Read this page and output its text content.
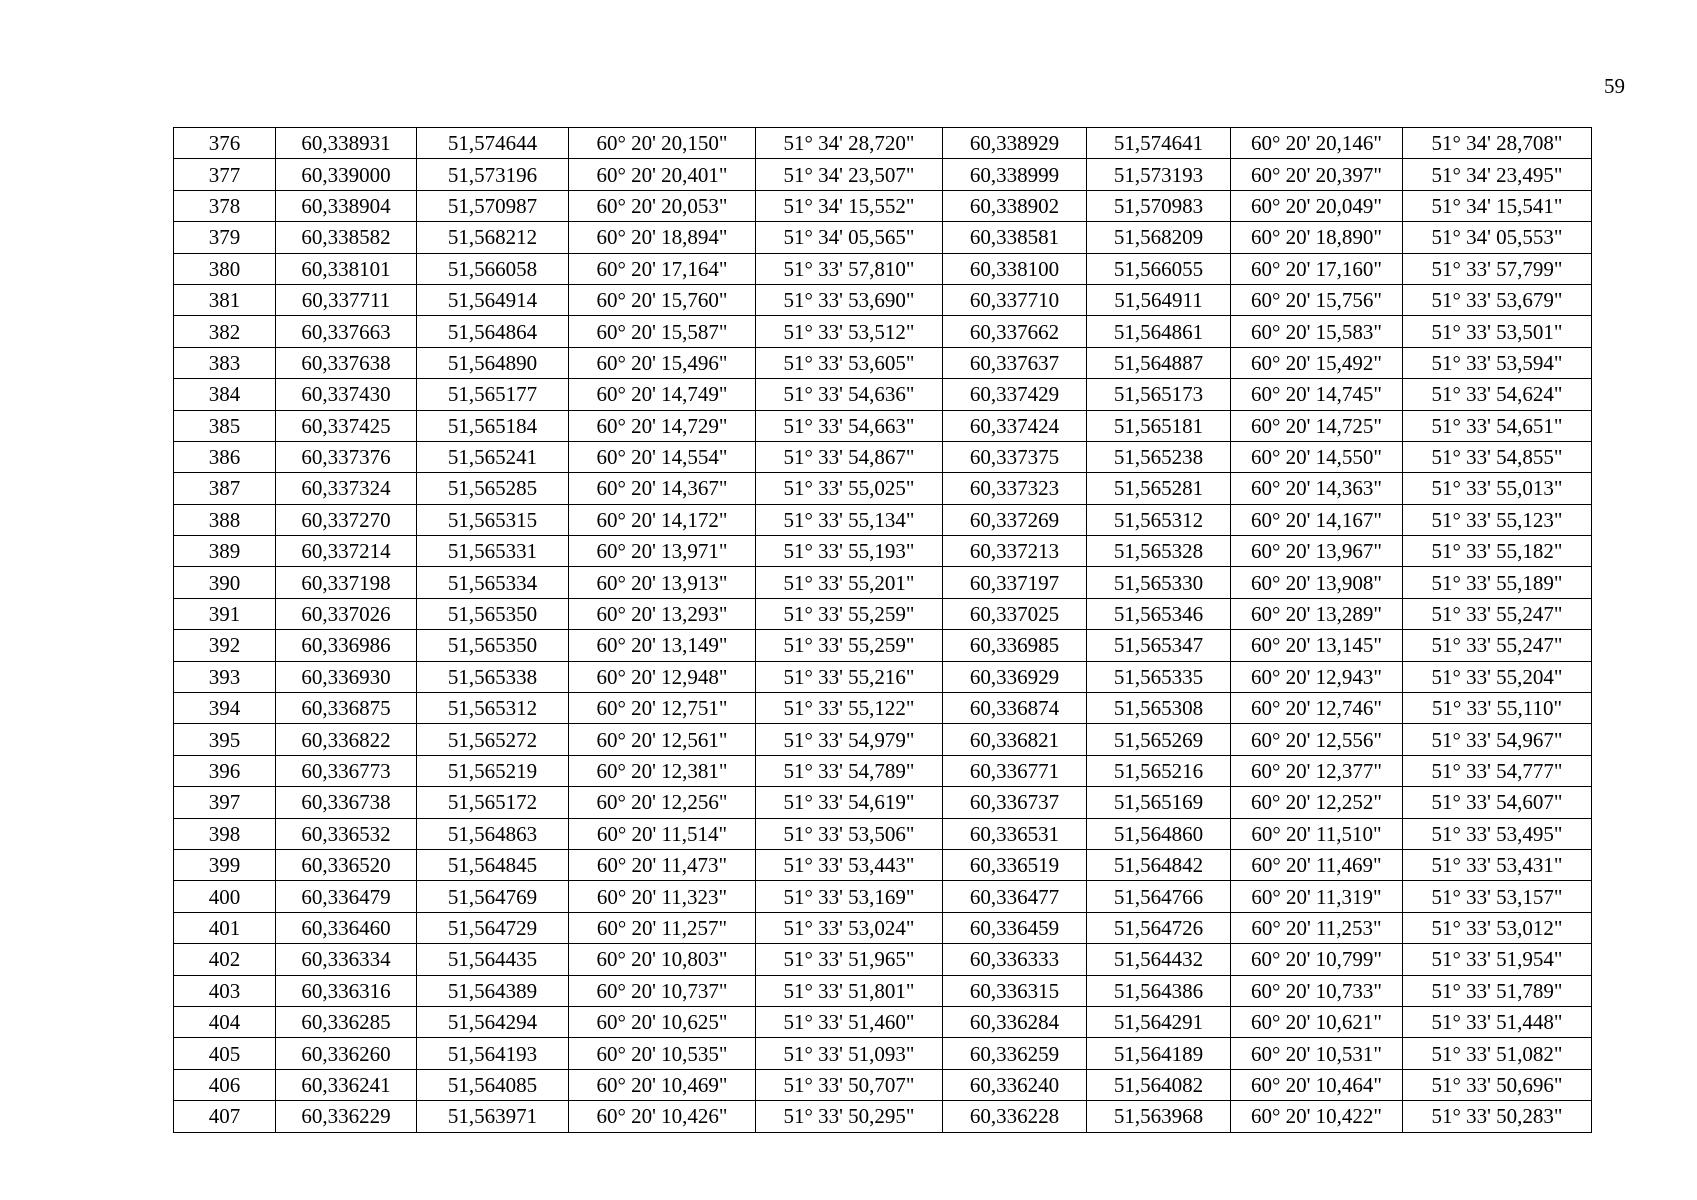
59
376	60,338931	51,574644	60° 20' 20,150"	51° 34' 28,720"	60,338929	51,574641	60° 20' 20,146"	51° 34' 28,708"
377	60,339000	51,573196	60° 20' 20,401"	51° 34' 23,507"	60,338999	51,573193	60° 20' 20,397"	51° 34' 23,495"
378	60,338904	51,570987	60° 20' 20,053"	51° 34' 15,552"	60,338902	51,570983	60° 20' 20,049"	51° 34' 15,541"
379	60,338582	51,568212	60° 20' 18,894"	51° 34' 05,565"	60,338581	51,568209	60° 20' 18,890"	51° 34' 05,553"
380	60,338101	51,566058	60° 20' 17,164"	51° 33' 57,810"	60,338100	51,566055	60° 20' 17,160"	51° 33' 57,799"
381	60,337711	51,564914	60° 20' 15,760"	51° 33' 53,690"	60,337710	51,564911	60° 20' 15,756"	51° 33' 53,679"
382	60,337663	51,564864	60° 20' 15,587"	51° 33' 53,512"	60,337662	51,564861	60° 20' 15,583"	51° 33' 53,501"
383	60,337638	51,564890	60° 20' 15,496"	51° 33' 53,605"	60,337637	51,564887	60° 20' 15,492"	51° 33' 53,594"
384	60,337430	51,565177	60° 20' 14,749"	51° 33' 54,636"	60,337429	51,565173	60° 20' 14,745"	51° 33' 54,624"
385	60,337425	51,565184	60° 20' 14,729"	51° 33' 54,663"	60,337424	51,565181	60° 20' 14,725"	51° 33' 54,651"
386	60,337376	51,565241	60° 20' 14,554"	51° 33' 54,867"	60,337375	51,565238	60° 20' 14,550"	51° 33' 54,855"
387	60,337324	51,565285	60° 20' 14,367"	51° 33' 55,025"	60,337323	51,565281	60° 20' 14,363"	51° 33' 55,013"
388	60,337270	51,565315	60° 20' 14,172"	51° 33' 55,134"	60,337269	51,565312	60° 20' 14,167"	51° 33' 55,123"
389	60,337214	51,565331	60° 20' 13,971"	51° 33' 55,193"	60,337213	51,565328	60° 20' 13,967"	51° 33' 55,182"
390	60,337198	51,565334	60° 20' 13,913"	51° 33' 55,201"	60,337197	51,565330	60° 20' 13,908"	51° 33' 55,189"
391	60,337026	51,565350	60° 20' 13,293"	51° 33' 55,259"	60,337025	51,565346	60° 20' 13,289"	51° 33' 55,247"
392	60,336986	51,565350	60° 20' 13,149"	51° 33' 55,259"	60,336985	51,565347	60° 20' 13,145"	51° 33' 55,247"
393	60,336930	51,565338	60° 20' 12,948"	51° 33' 55,216"	60,336929	51,565335	60° 20' 12,943"	51° 33' 55,204"
394	60,336875	51,565312	60° 20' 12,751"	51° 33' 55,122"	60,336874	51,565308	60° 20' 12,746"	51° 33' 55,110"
395	60,336822	51,565272	60° 20' 12,561"	51° 33' 54,979"	60,336821	51,565269	60° 20' 12,556"	51° 33' 54,967"
396	60,336773	51,565219	60° 20' 12,381"	51° 33' 54,789"	60,336771	51,565216	60° 20' 12,377"	51° 33' 54,777"
397	60,336738	51,565172	60° 20' 12,256"	51° 33' 54,619"	60,336737	51,565169	60° 20' 12,252"	51° 33' 54,607"
398	60,336532	51,564863	60° 20' 11,514"	51° 33' 53,506"	60,336531	51,564860	60° 20' 11,510"	51° 33' 53,495"
399	60,336520	51,564845	60° 20' 11,473"	51° 33' 53,443"	60,336519	51,564842	60° 20' 11,469"	51° 33' 53,431"
400	60,336479	51,564769	60° 20' 11,323"	51° 33' 53,169"	60,336477	51,564766	60° 20' 11,319"	51° 33' 53,157"
401	60,336460	51,564729	60° 20' 11,257"	51° 33' 53,024"	60,336459	51,564726	60° 20' 11,253"	51° 33' 53,012"
402	60,336334	51,564435	60° 20' 10,803"	51° 33' 51,965"	60,336333	51,564432	60° 20' 10,799"	51° 33' 51,954"
403	60,336316	51,564389	60° 20' 10,737"	51° 33' 51,801"	60,336315	51,564386	60° 20' 10,733"	51° 33' 51,789"
404	60,336285	51,564294	60° 20' 10,625"	51° 33' 51,460"	60,336284	51,564291	60° 20' 10,621"	51° 33' 51,448"
405	60,336260	51,564193	60° 20' 10,535"	51° 33' 51,093"	60,336259	51,564189	60° 20' 10,531"	51° 33' 51,082"
406	60,336241	51,564085	60° 20' 10,469"	51° 33' 50,707"	60,336240	51,564082	60° 20' 10,464"	51° 33' 50,696"
407	60,336229	51,563971	60° 20' 10,426"	51° 33' 50,295"	60,336228	51,563968	60° 20' 10,422"	51° 33' 50,283"
